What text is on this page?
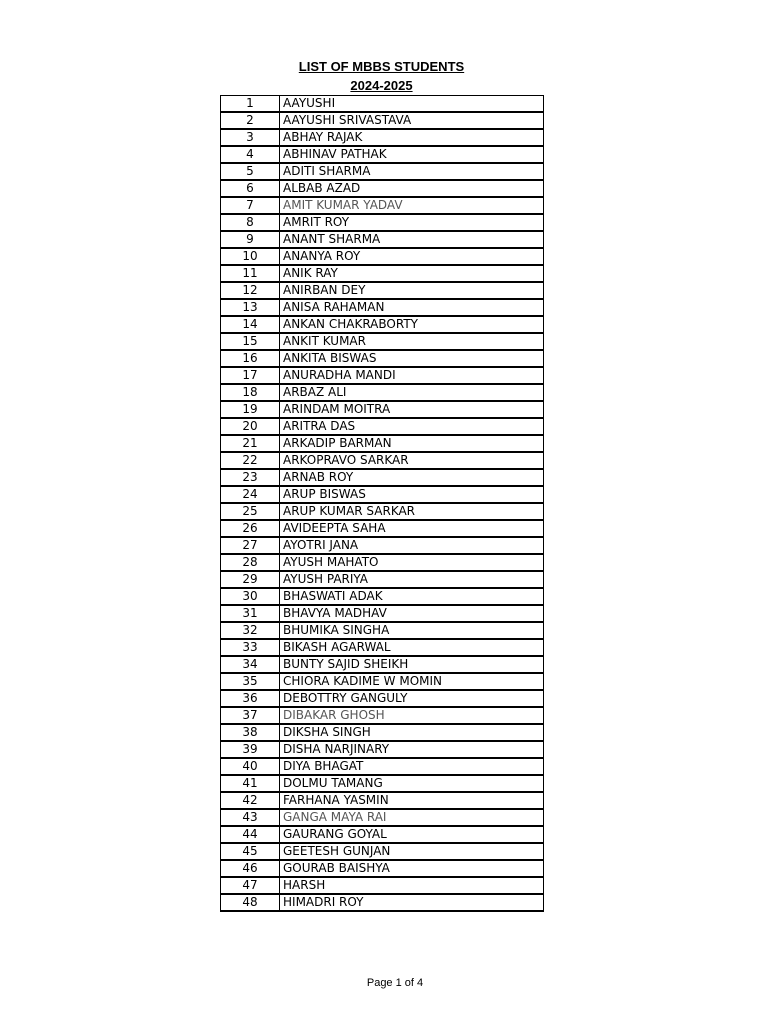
LIST OF MBBS STUDENTS
2024-2025
1	AAYUSHI
2	AAYUSHI SRIVASTAVA
3	ABHAY RAJAK
4	ABHINAV PATHAK
5	ADITI SHARMA
6	ALBAB AZAD
7	AMIT KUMAR YADAV
8	AMRIT ROY
9	ANANT SHARMA
10	ANANYA ROY
11	ANIK RAY
12	ANIRBAN DEY
13	ANISA RAHAMAN
14	ANKAN CHAKRABORTY
15	ANKIT KUMAR
16	ANKITA BISWAS
17	ANURADHA MANDI
18	ARBAZ ALI
19	ARINDAM MOITRA
20	ARITRA DAS
21	ARKADIP BARMAN
22	ARKOPRAVO SARKAR
23	ARNAB ROY
24	ARUP BISWAS
25	ARUP KUMAR SARKAR
26	AVIDEEPTA SAHA
27	AYOTRI JANA
28	AYUSH MAHATO
29	AYUSH PARIYA
30	BHASWATI ADAK
31	BHAVYA MADHAV
32	BHUMIKA SINGHA
33	BIKASH AGARWAL
34	BUNTY SAJID SHEIKH
35	CHIORA KADIME W MOMIN
36	DEBOTTRY GANGULY
37	DIBAKAR GHOSH
38	DIKSHA SINGH
39	DISHA NARJINARY
40	DIYA BHAGAT
41	DOLMU TAMANG
42	FARHANA YASMIN
43	GANGA MAYA RAI
44	GAURANG GOYAL
45	GEETESH GUNJAN
46	GOURAB BAISHYA
47	HARSH
48	HIMADRI ROY
Page 1 of 4
